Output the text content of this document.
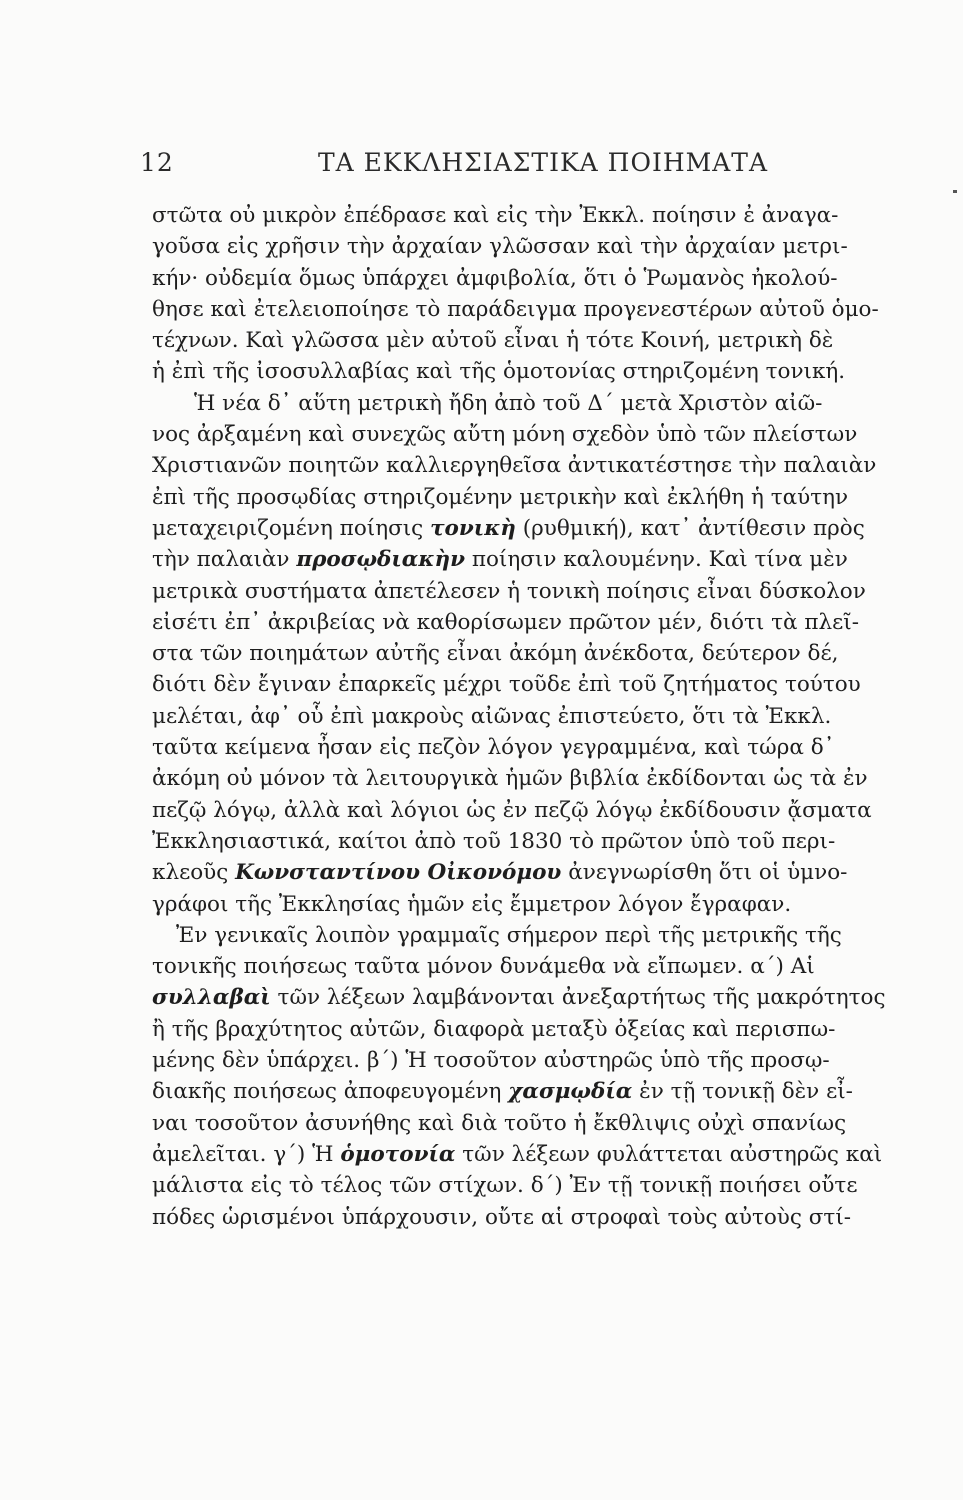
12	ΤΑ ΕΚΚΛΗΣΙΑΣΤΙΚΑ ΠΟΙΗΜΑΤΑ
στῶτα οὐ μικρὸν ἐπέδρασε καὶ εἰς τὴν Ἐκκλ. ποίησιν ἐ ἀναγα-
γοῦσα εἰς χρῆσιν τὴν ἀρχαίαν γλῶσσαν καὶ τὴν ἀρχαίαν μετρι-
κήν· οὐδεμία ὅμως ὑπάρχει ἀμφιβολία, ὅτι ὁ Ῥωμανὸς ἠκολού-
θησε καὶ ἐτελειοποίησε τὸ παράδειγμα προγενεστέρων αὐτοῦ ὁμο-
τέχνων. Καὶ γλῶσσα μὲν αὐτοῦ εἶναι ἡ τότε Κοινή, μετρικὴ δὲ
ἡ ἐπὶ τῆς ἰσοσυλλαβίας καὶ τῆς ὁμοτονίας στηριζομένη τονική.
Ἡ νέα δ᾽ αὕτη μετρικὴ ἤδη ἀπὸ τοῦ Δ´ μετὰ Χριστὸν αἰῶ-
νος ἀρξαμένη καὶ συνεχῶς αὔτη μόνη σχεδὸν ὑπὸ τῶν πλείστων
Χριστιανῶν ποιητῶν καλλιεργηθεῖσα ἀντικατέστησε τὴν παλαιὰν
ἐπὶ τῆς προσῳδίας στηριζομένην μετρικὴν καὶ ἐκλήθη ἡ ταύτην
μεταχειριζομένη ποίησις τονικὴ (ρυθμική), κατ᾽ ἀντίθεσιν πρὸς
τὴν παλαιὰν προσῳδιακὴν ποίησιν καλουμένην. Καὶ τίνα μὲν
μετρικὰ συστήματα ἀπετέλεσεν ἡ τονικὴ ποίησις εἶναι δύσκολον
εἰσέτι ἐπ᾽ ἀκριβείας νὰ καθορίσωμεν πρῶτον μέν, διότι τὰ πλεῖ-
στα τῶν ποιημάτων αὐτῆς εἶναι ἀκόμη ἀνέκδοτα, δεύτερον δέ,
διότι δὲν ἔγιναν ἐπαρκεῖς μέχρι τοῦδε ἐπὶ τοῦ ζητήματος τούτου
μελέται, ἀφ᾽ οὗ ἐπὶ μακροὺς αἰῶνας ἐπιστεύετο, ὅτι τὰ Ἐκκλ.
ταῦτα κείμενα ἦσαν εἰς πεζὸν λόγον γεγραμμένα, καὶ τώρα δ᾽
ἀκόμη οὐ μόνον τὰ λειτουργικὰ ἡμῶν βιβλία ἐκδίδονται ὡς τὰ ἐν
πεζῷ λόγῳ, ἀλλὰ καὶ λόγιοι ὡς ἐν πεζῷ λόγῳ ἐκδίδουσιν ᾄσματα
Ἐκκλησιαστικά, καίτοι ἀπὸ τοῦ 1830 τὸ πρῶτον ὑπὸ τοῦ περι-
κλεοῦς Κωνσταντίνου Οἰκονόμου ἀνεγνωρίσθη ὅτι οἱ ὑμνο-
γράφοι τῆς Ἐκκλησίας ἡμῶν εἰς ἔμμετρον λόγον ἔγραφαν.
Ἐν γενικαῖς λοιπὸν γραμμαῖς σήμερον περὶ τῆς μετρικῆς τῆς
τονικῆς ποιήσεως ταῦτα μόνον δυνάμεθα νὰ εἴπωμεν. α´) Αἱ
συλλαβαὶ τῶν λέξεων λαμβάνονται ἀνεξαρτήτως τῆς μακρότητος
ἢ τῆς βραχύτητος αὐτῶν, διαφορὰ μεταξὺ ὀξείας καὶ περισπω-
μένης δὲν ὑπάρχει. β´) Ἡ τοσοῦτον αὐστηρῶς ὑπὸ τῆς προσῳ-
διακῆς ποιήσεως ἀποφευγομένη χασμῳδία ἐν τῇ τονικῇ δὲν εἶ-
ναι τοσοῦτον ἀσυνήθης καὶ διὰ τοῦτο ἡ ἔκθλιψις οὐχὶ σπανίως
ἀμελεῖται. γ´) Ἡ ὁμοτονία τῶν λέξεων φυλάττεται αὐστηρῶς καὶ
μάλιστα εἰς τὸ τέλος τῶν στίχων. δ´) Ἐν τῇ τονικῇ ποιήσει οὔτε
πόδες ὡρισμένοι ὑπάρχουσιν, οὔτε αἱ στροφαὶ τοὺς αὐτοὺς στί-
